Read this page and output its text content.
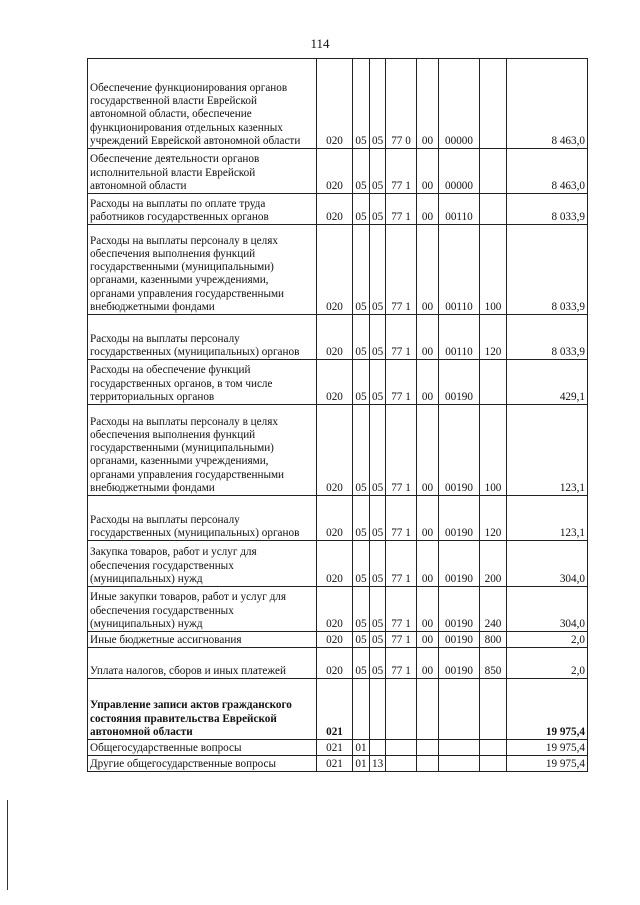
114
Обеспечение функционирования органов государственной власти Еврейской автономной области, обеспечение функционирования отдельных казенных учреждений Еврейской автономной области	020	05	05	77 0	00	00000		8 463,0
Обеспечение деятельности органов исполнительной власти Еврейской автономной области	020	05	05	77 1	00	00000		8 463,0
Расходы на выплаты по оплате труда работников государственных органов	020	05	05	77 1	00	00110		8 033,9
Расходы на выплаты персоналу в целях обеспечения выполнения функций государственными (муниципальными) органами, казенными учреждениями, органами управления государственными внебюджетными фондами	020	05	05	77 1	00	00110	100	8 033,9
Расходы на выплаты персоналу государственных (муниципальных) органов	020	05	05	77 1	00	00110	120	8 033,9
Расходы на обеспечение функций государственных органов, в том числе территориальных органов	020	05	05	77 1	00	00190		429,1
Расходы на выплаты персоналу в целях обеспечения выполнения функций государственными (муниципальными) органами, казенными учреждениями, органами управления государственными внебюджетными фондами	020	05	05	77 1	00	00190	100	123,1
Расходы на выплаты персоналу государственных (муниципальных) органов	020	05	05	77 1	00	00190	120	123,1
Закупка товаров, работ и услуг для обеспечения государственных (муниципальных) нужд	020	05	05	77 1	00	00190	200	304,0
Иные закупки товаров, работ и услуг для обеспечения государственных (муниципальных) нужд	020	05	05	77 1	00	00190	240	304,0
Иные бюджетные ассигнования	020	05	05	77 1	00	00190	800	2,0
Уплата налогов, сборов и иных платежей	020	05	05	77 1	00	00190	850	2,0
Управление записи актов гражданского состояния правительства Еврейской автономной области	021							19 975,4
Общегосударственные вопросы	021	01						19 975,4
Другие общегосударственные вопросы	021	01	13					19 975,4
